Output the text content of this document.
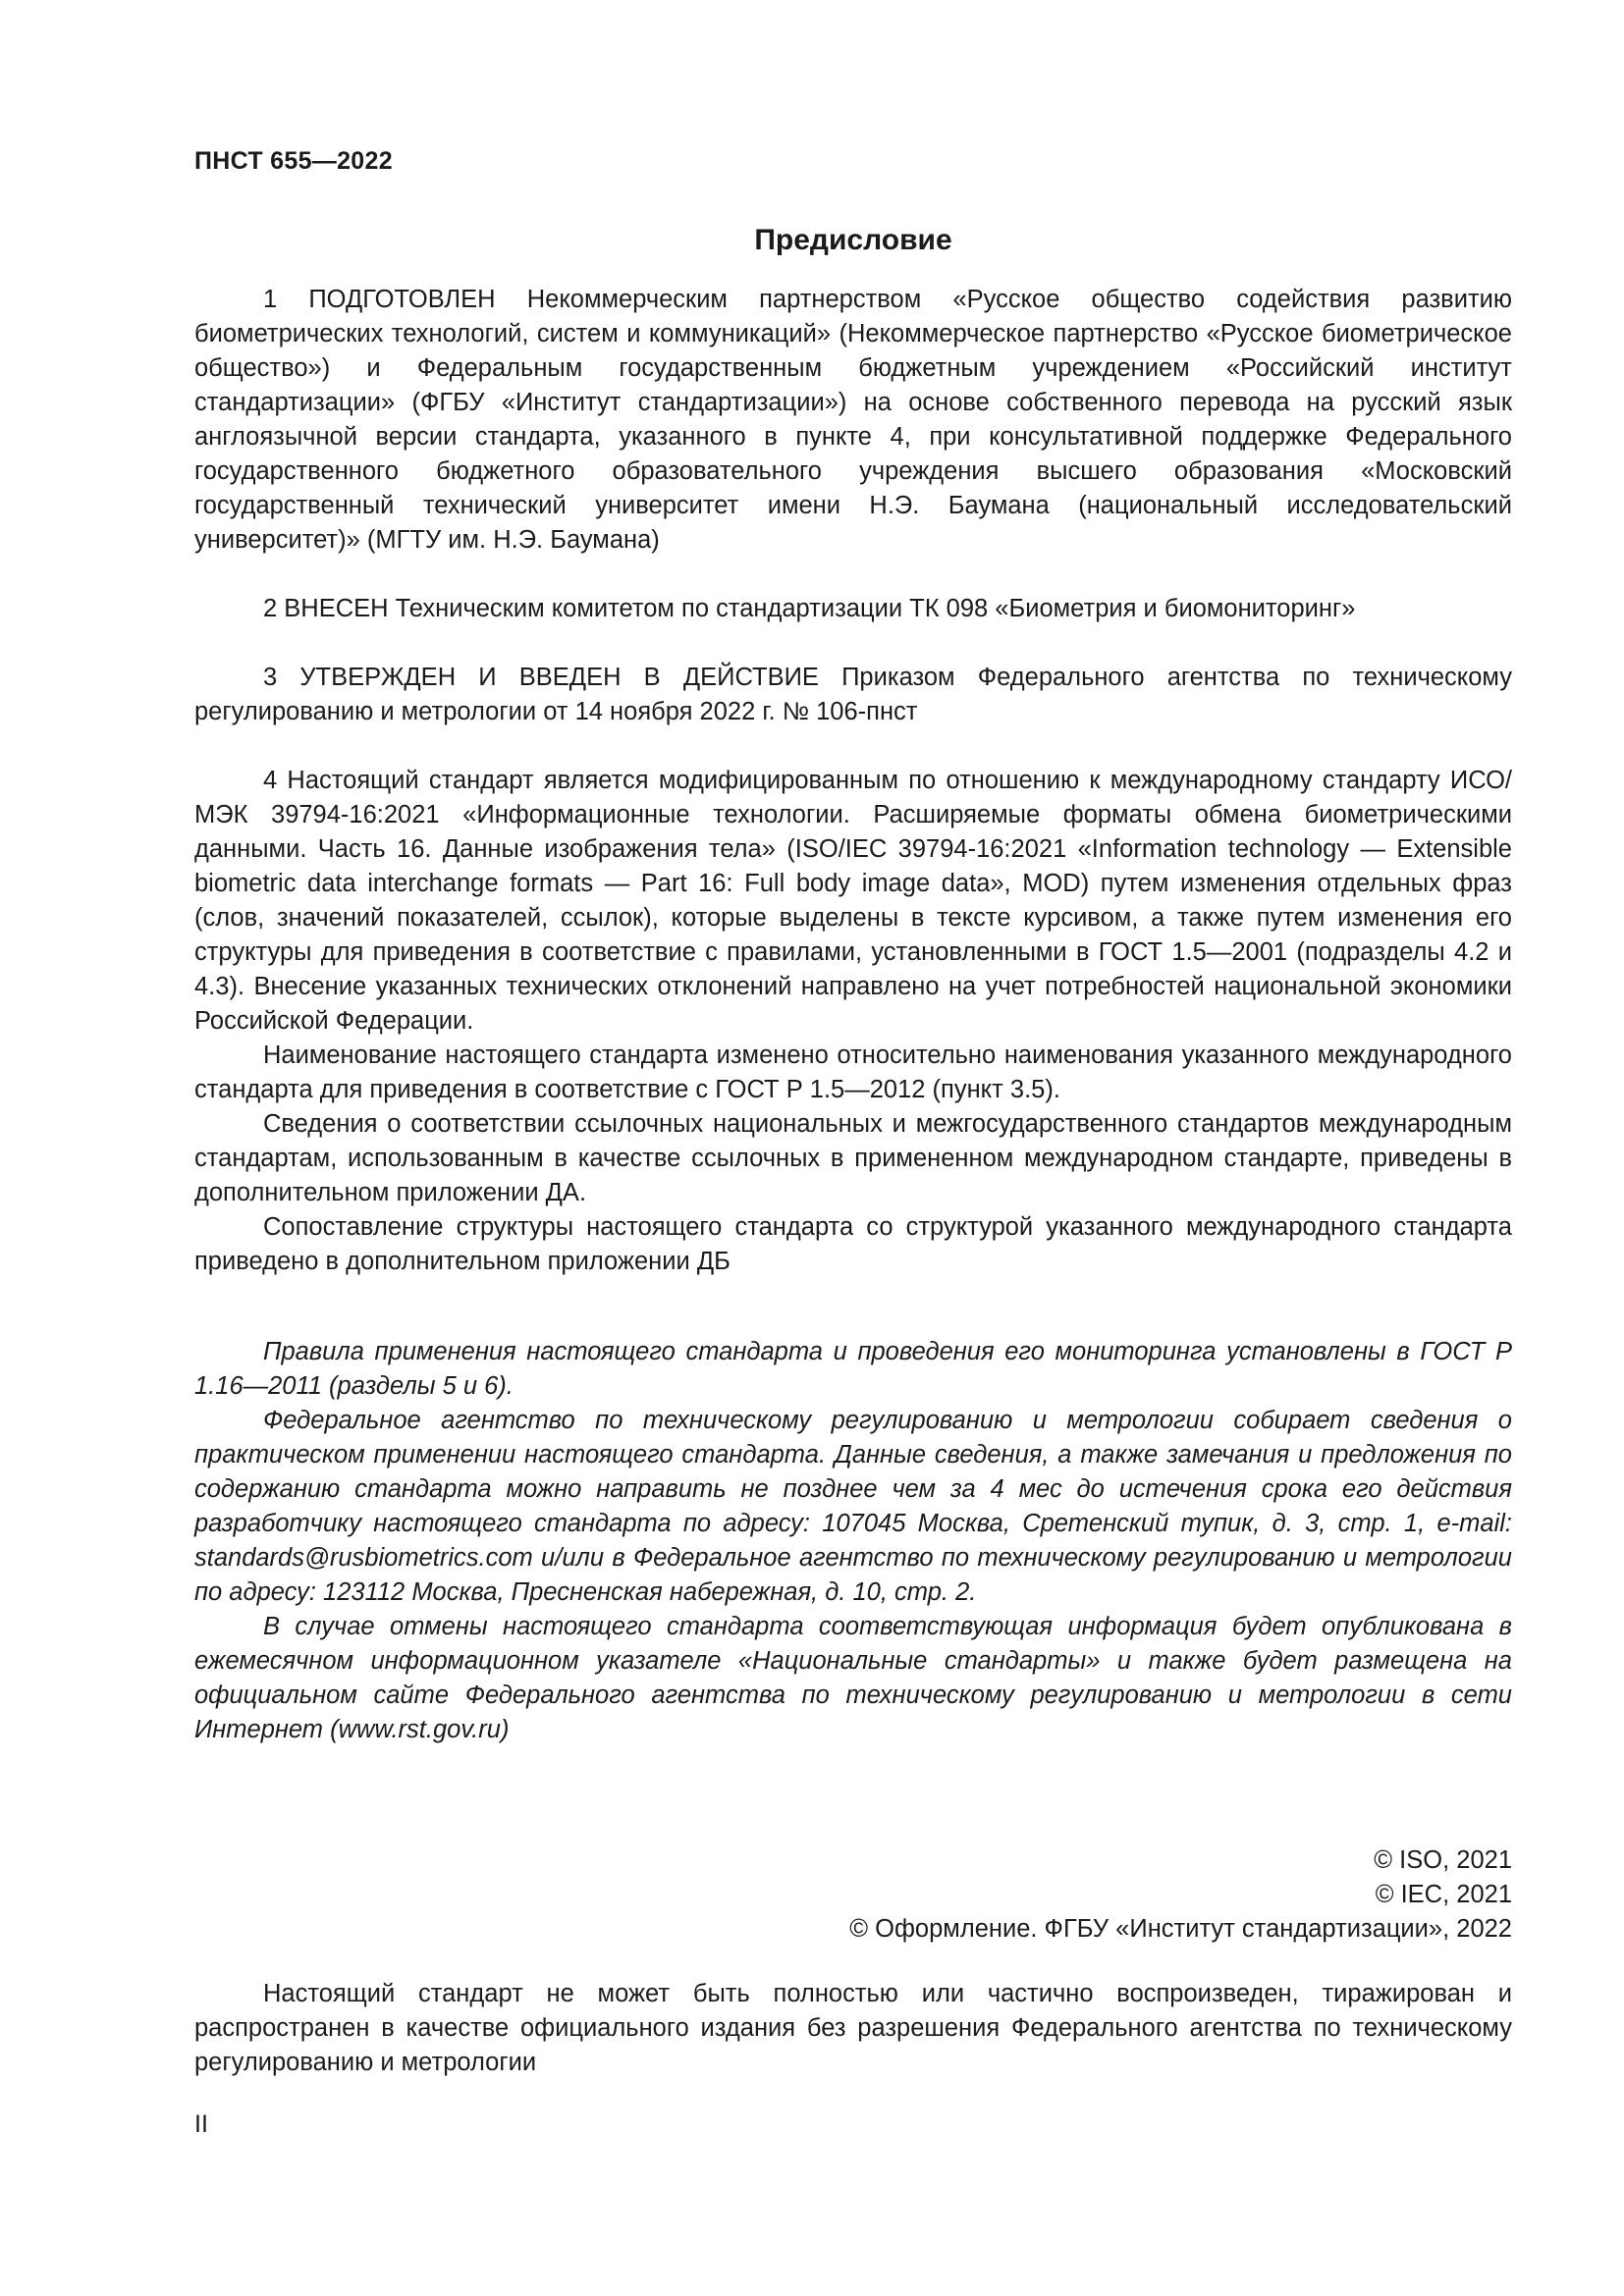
ПНСТ 655—2022
Предисловие

1 ПОДГОТОВЛЕН Некоммерческим партнерством «Русское общество содействия развитию биометрических технологий, систем и коммуникаций» (Некоммерческое партнерство «Русское биометрическое общество») и Федеральным государственным бюджетным учреждением «Российский институт стандартизации» (ФГБУ «Институт стандартизации») на основе собственного перевода на русский язык англоязычной версии стандарта, указанного в пункте 4, при консультативной поддержке Федерального государственного бюджетного образовательного учреждения высшего образования «Московский государственный технический университет имени Н.Э. Баумана (национальный исследовательский университет)» (МГТУ им. Н.Э. Баумана)

2 ВНЕСЕН Техническим комитетом по стандартизации ТК 098 «Биометрия и биомониторинг»

3 УТВЕРЖДЕН И ВВЕДЕН В ДЕЙСТВИЕ Приказом Федерального агентства по техническому регулированию и метрологии от 14 ноября 2022 г. № 106-пнст

4 Настоящий стандарт является модифицированным по отношению к международному стандарту ИСО/МЭК 39794-16:2021 «Информационные технологии. Расширяемые форматы обмена биометрическими данными. Часть 16. Данные изображения тела» (ISO/IEC 39794-16:2021 «Information technology — Extensible biometric data interchange formats — Part 16: Full body image data», MOD) путем изменения отдельных фраз (слов, значений показателей, ссылок), которые выделены в тексте курсивом, а также путем изменения его структуры для приведения в соответствие с правилами, установленными в ГОСТ 1.5—2001 (подразделы 4.2 и 4.3). Внесение указанных технических отклонений направлено на учет потребностей национальной экономики Российской Федерации.

Наименование настоящего стандарта изменено относительно наименования указанного международного стандарта для приведения в соответствие с ГОСТ Р 1.5—2012 (пункт 3.5).

Сведения о соответствии ссылочных национальных и межгосударственного стандартов международным стандартам, использованным в качестве ссылочных в примененном международном стандарте, приведены в дополнительном приложении ДА.

Сопоставление структуры настоящего стандарта со структурой указанного международного стандарта приведено в дополнительном приложении ДБ

Правила применения настоящего стандарта и проведения его мониторинга установлены в ГОСТ Р 1.16—2011 (разделы 5 и 6).

Федеральное агентство по техническому регулированию и метрологии собирает сведения о практическом применении настоящего стандарта. Данные сведения, а также замечания и предложения по содержанию стандарта можно направить не позднее чем за 4 мес до истечения срока его действия разработчику настоящего стандарта по адресу: 107045 Москва, Сретенский тупик, д. 3, стр. 1, e-mail: standards@rusbiometrics.com и/или в Федеральное агентство по техническому регулированию и метрологии по адресу: 123112 Москва, Пресненская набережная, д. 10, стр. 2.

В случае отмены настоящего стандарта соответствующая информация будет опубликована в ежемесячном информационном указателе «Национальные стандарты» и также будет размещена на официальном сайте Федерального агентства по техническому регулированию и метрологии в сети Интернет (www.rst.gov.ru)

© ISO, 2021
© IEC, 2021
© Оформление. ФГБУ «Институт стандартизации», 2022

Настоящий стандарт не может быть полностью или частично воспроизведен, тиражирован и распространен в качестве официального издания без разрешения Федерального агентства по техническому регулированию и метрологии

II
